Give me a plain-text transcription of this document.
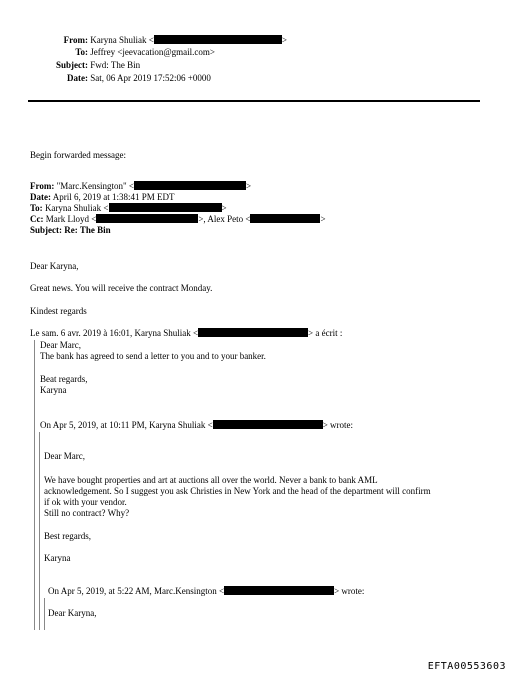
From: Karyna Shuliak <	>
To: Jeffrey <jeevacation@gmail.com>
Subject: Fwd: The Bin
Date: Sat, 06 Apr 2019 17:52:06 +0000
Begin forwarded message:
From: "Marc.Kensington" <	>
Date: April 6, 2019 at 1:38:41 PM EDT
To: Karyna Shuliak <	>
Cc: Mark Lloyd <	>, Alex Peto <	>
Subject: Re: The Bin
Dear Karyna,
Great news. You will receive the contract Monday.
Kindest regards
Le sam. 6 avr. 2019 à 16:01, Karyna Shuliak <	> a écrit :
Dear Marc,
The bank has agreed to send a letter to you and to your banker.
Beat regards,
Karyna
On Apr 5, 2019, at 10:11 PM, Karyna Shuliak <	> wrote:
Dear Marc,
We have bought properties and art at auctions all over the world. Never a bank to bank AML
acknowledgement. So I suggest you ask Christies in New York and the head of the department will confirm
if ok with your vendor.
Still no contract? Why?
Best regards,
Karyna
On Apr 5, 2019, at 5:22 AM, Marc.Kensington <	> wrote:
Dear Karyna,
EFTA00553603
